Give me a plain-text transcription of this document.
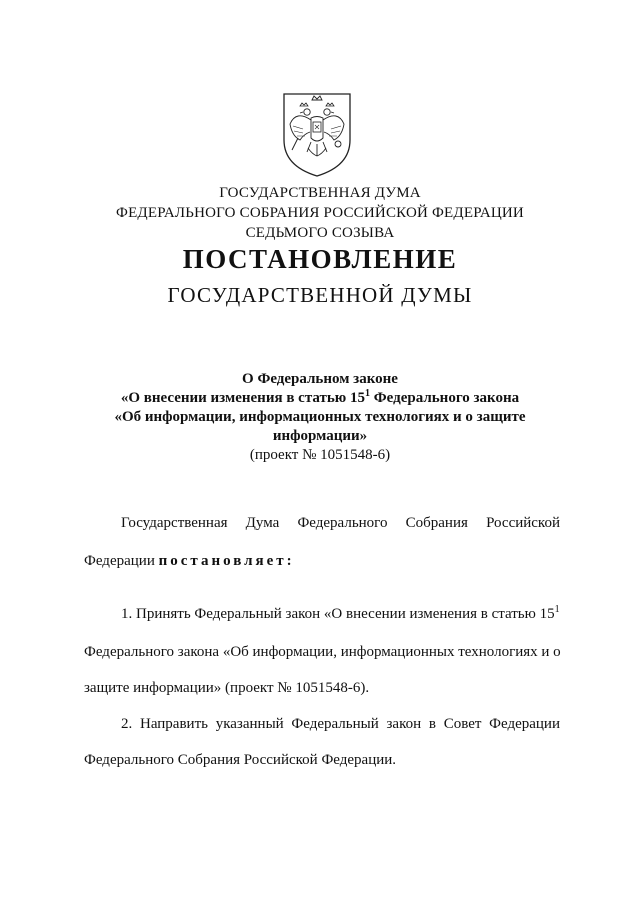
ГОСУДАРСТВЕННАЯ ДУМА
ФЕДЕРАЛЬНОГО СОБРАНИЯ РОССИЙСКОЙ ФЕДЕРАЦИИ
СЕДЬМОГО СОЗЫВА
ПОСТАНОВЛЕНИЕ
ГОСУДАРСТВЕННОЙ ДУМЫ
О Федеральном законе
«О внесении изменения в статью $15^1$ Федерального закона
«Об информации, информационных технологиях и о защите
информации»
(проект № 1051548-6)
Государственная Дума Федерального Собрания Российской
Федерации постановляет:
1. Принять Федеральный закон «О внесении изменения в статью $15^1$
Федерального закона «Об информации, информационных технологиях и о
защите информации» (проект № 1051548-6).
2. Направить указанный Федеральный закон в Совет Федерации
Федерального Собрания Российской Федерации.
